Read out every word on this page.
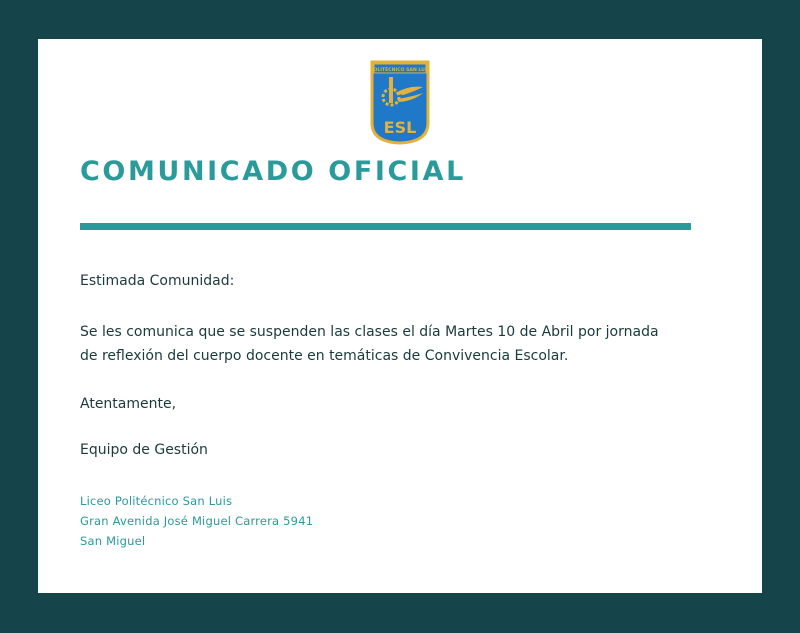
POLITÉCNICO SAN LUIS
ESL
COMUNICADO OFICIAL

Estimada Comunidad:

Se les comunica que se suspenden las clases el día Martes 10 de Abril por jornada
de reflexión del cuerpo docente en temáticas de Convivencia Escolar.

Atentamente,

Equipo de Gestión

Liceo Politécnico San Luis
Gran Avenida José Miguel Carrera 5941
San Miguel
